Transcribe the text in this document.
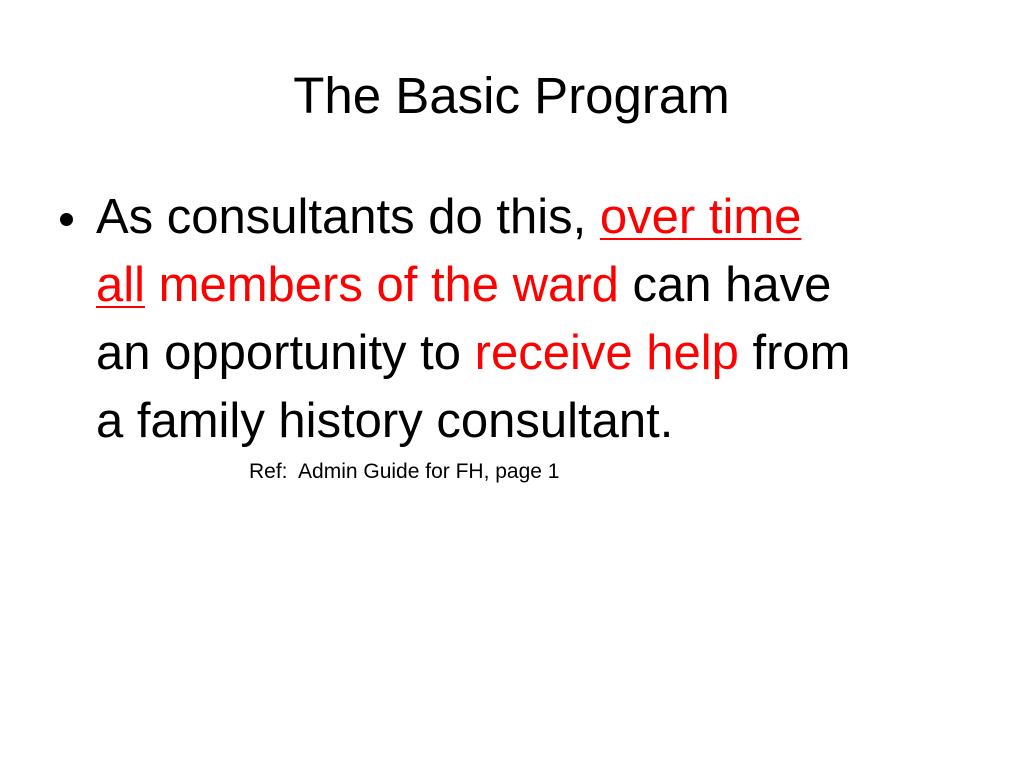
The Basic Program
As consultants do this, over time
all members of the ward can have
an opportunity to receive help from
a family history consultant.
Ref:  Admin Guide for FH, page 1
